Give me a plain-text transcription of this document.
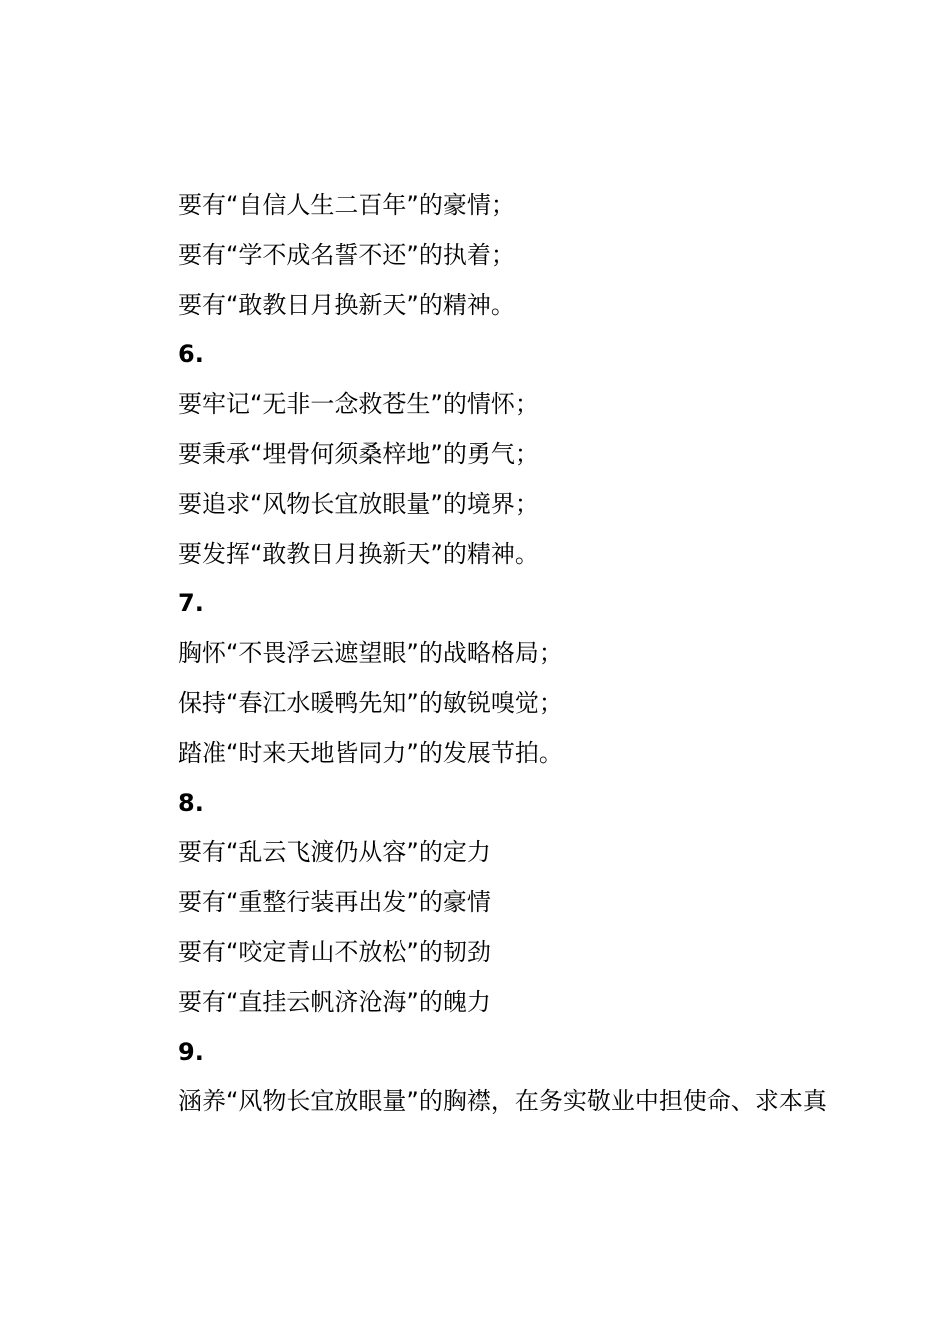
要有“自信人生二百年”的豪情；

要有“学不成名誓不还”的执着；

要有“敢教日月换新天”的精神。

6.

要牢记“无非一念救苍生”的情怀；

要秉承“埋骨何须桑梓地”的勇气；

要追求“风物长宜放眼量”的境界；

要发挥“敢教日月换新天”的精神。

7.

胸怀“不畏浮云遮望眼”的战略格局；

保持“春江水暖鸭先知”的敏锐嗅觉；

踏准“时来天地皆同力”的发展节拍。

8.

要有“乱云飞渡仍从容”的定力

要有“重整行装再出发”的豪情

要有“咬定青山不放松”的韧劲

要有“直挂云帆济沧海”的魄力

9.

涵养“风物长宜放眼量”的胸襟，在务实敬业中担使命、求本真
